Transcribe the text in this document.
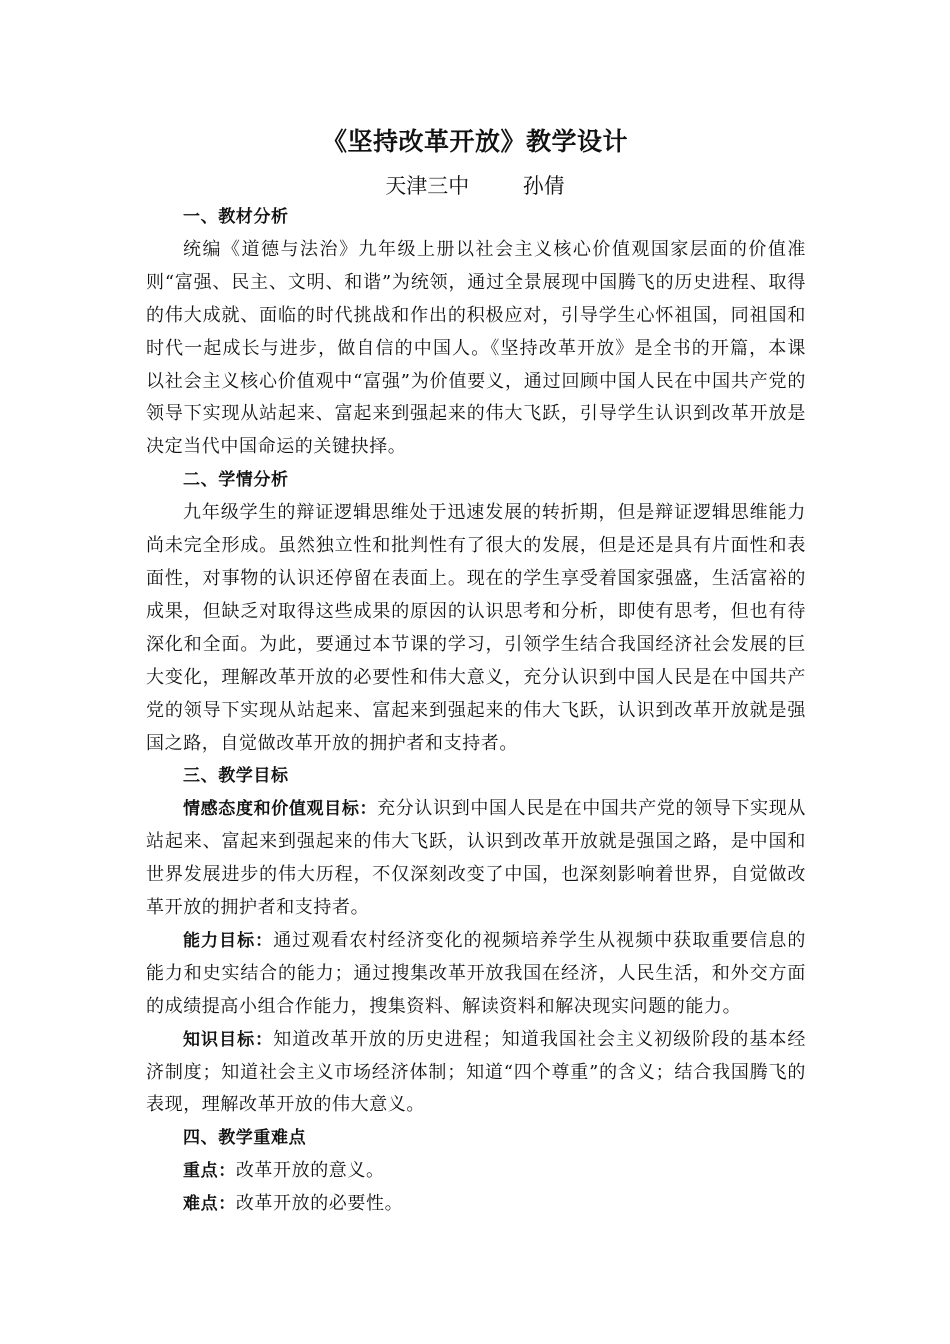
《坚持改革开放》教学设计
天津三中        孙倩

一、教材分析

统编《道德与法治》九年级上册以社会主义核心价值观国家层面的价值准则“富强、民主、文明、和谐”为统领，通过全景展现中国腾飞的历史进程、取得的伟大成就、面临的时代挑战和作出的积极应对，引导学生心怀祖国，同祖国和时代一起成长与进步，做自信的中国人。《坚持改革开放》是全书的开篇，本课以社会主义核心价值观中“富强”为价值要义，通过回顾中国人民在中国共产党的领导下实现从站起来、富起来到强起来的伟大飞跃，引导学生认识到改革开放是决定当代中国命运的关键抉择。

二、学情分析

九年级学生的辩证逻辑思维处于迅速发展的转折期，但是辩证逻辑思维能力尚未完全形成。虽然独立性和批判性有了很大的发展，但是还是具有片面性和表面性，对事物的认识还停留在表面上。现在的学生享受着国家强盛，生活富裕的成果，但缺乏对取得这些成果的原因的认识思考和分析，即使有思考，但也有待深化和全面。为此，要通过本节课的学习，引领学生结合我国经济社会发展的巨大变化，理解改革开放的必要性和伟大意义，充分认识到中国人民是在中国共产党的领导下实现从站起来、富起来到强起来的伟大飞跃，认识到改革开放就是强国之路，自觉做改革开放的拥护者和支持者。

三、教学目标

情感态度和价值观目标：充分认识到中国人民是在中国共产党的领导下实现从站起来、富起来到强起来的伟大飞跃，认识到改革开放就是强国之路，是中国和世界发展进步的伟大历程，不仅深刻改变了中国，也深刻影响着世界，自觉做改革开放的拥护者和支持者。

能力目标：通过观看农村经济变化的视频培养学生从视频中获取重要信息的能力和史实结合的能力；通过搜集改革开放我国在经济，人民生活，和外交方面的成绩提高小组合作能力，搜集资料、解读资料和解决现实问题的能力。

知识目标：知道改革开放的历史进程；知道我国社会主义初级阶段的基本经济制度；知道社会主义市场经济体制；知道“四个尊重”的含义；结合我国腾飞的表现，理解改革开放的伟大意义。

四、教学重难点

重点：改革开放的意义。

难点：改革开放的必要性。
